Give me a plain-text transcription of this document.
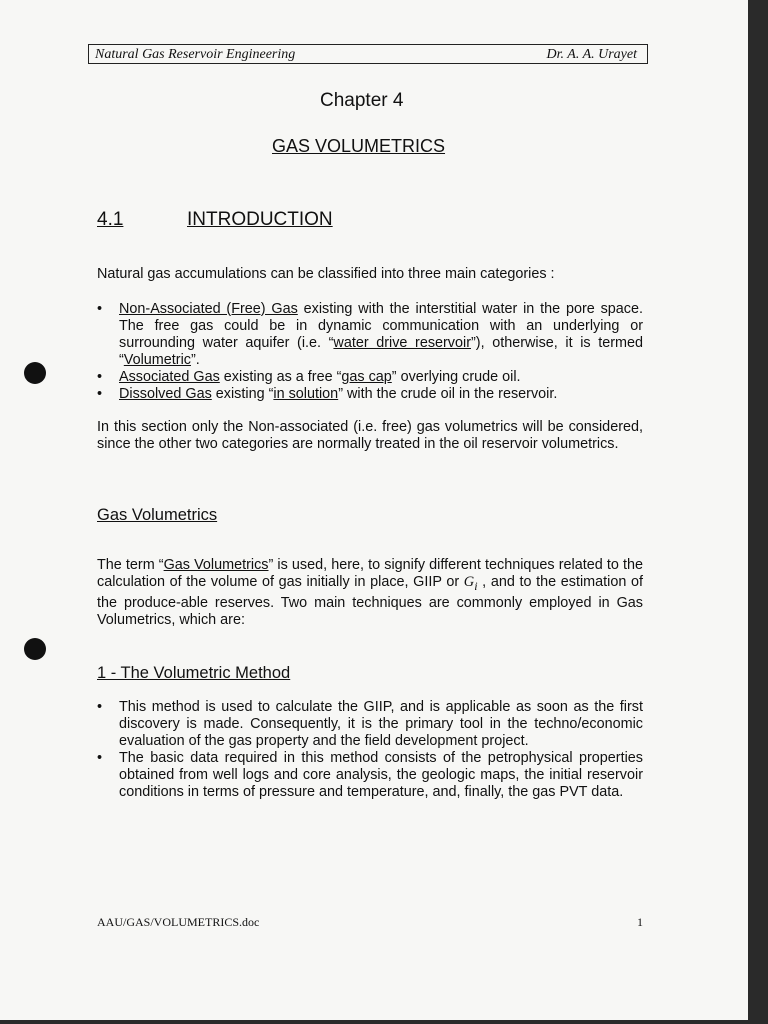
Natural Gas Reservoir Engineering	Dr. A. A. Urayet
Chapter 4
GAS VOLUMETRICS
4.1	INTRODUCTION
Natural gas accumulations can be classified into three main categories :
• Non-Associated (Free) Gas existing with the interstitial water in the pore space. The free gas could be in dynamic communication with an underlying or surrounding water aquifer (i.e. “water drive reservoir”), otherwise, it is termed “Volumetric”.
• Associated Gas existing as a free “gas cap” overlying crude oil.
• Dissolved Gas existing “in solution” with the crude oil in the reservoir.
In this section only the Non-associated (i.e. free) gas volumetrics will be considered, since the other two categories are normally treated in the oil reservoir volumetrics.
Gas Volumetrics
The term “Gas Volumetrics” is used, here, to signify different techniques related to the calculation of the volume of gas initially in place, GIIP or $G_i$ , and to the estimation of the produce-able reserves. Two main techniques are commonly employed in Gas Volumetrics, which are:
1 - The Volumetric Method
• This method is used to calculate the GIIP, and is applicable as soon as the first discovery is made. Consequently, it is the primary tool in the techno/economic evaluation of the gas property and the field development project.
• The basic data required in this method consists of the petrophysical properties obtained from well logs and core analysis, the geologic maps, the initial reservoir conditions in terms of pressure and temperature, and, finally, the gas PVT data.
AAU/GAS/VOLUMETRICS.doc	1
